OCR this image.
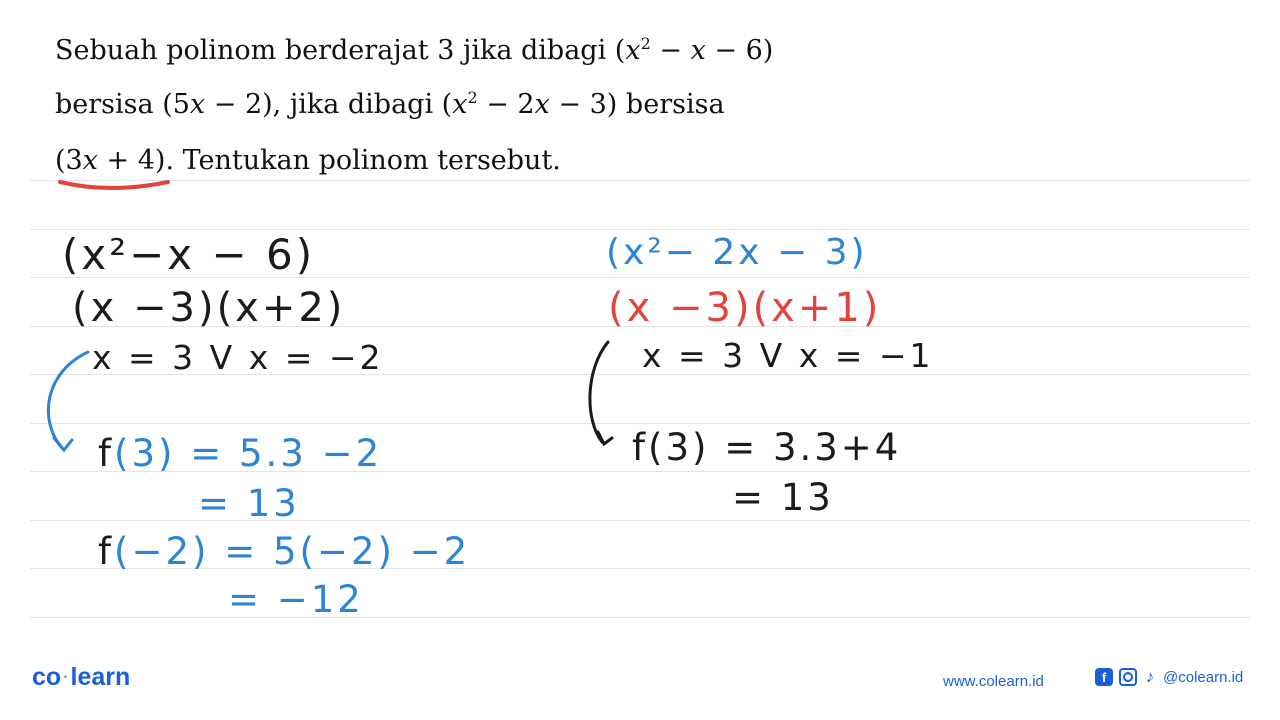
Sebuah polinom berderajat 3 jika dibagi $(x^2 - x - 6)$
bersisa (5x − 2), jika dibagi $(x^2 - 2x - 3)$ bersisa
(3x + 4). Tentukan polinom tersebut.
(x²−x − 6)
(x −3)(x+2)
x = 3 V x = −2
f(3) = 5.3 −2
= 13
f(−2) = 5(−2) −2
= −12
(x²− 2x − 3)
(x −3)(x+1)
x = 3 V x = −1
f(3) = 3.3+4
= 13
co ·learn	www.colearn.id	f	♪ @colearn.id
